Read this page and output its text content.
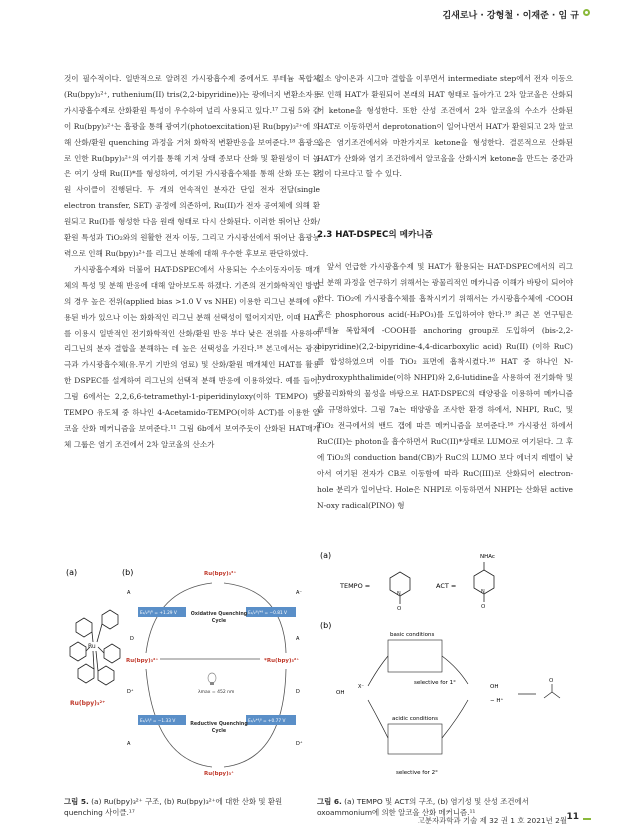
김새로나 · 강형철 · 이재준 · 임 규

것이 필수적이다. 일반적으로 알려진 가시광흡수제 중에서도 루테늄 복합체(Ru(bpy)₃²⁺, ruthenium(II) tris(2,2-bipyridine))는 광에너지 변환소자용 가시광흡수제로 산화환원 특성이 우수하여 널리 사용되고 있다.¹⁷ 그림 5와 같이 Ru(bpy)₃²⁺는 흡광을 통해 광여기(photoexcitation)된 Ru(bpy)₃²⁺에 의해 산화/환원 quenching 과정을 거쳐 화학적 변환반응을 보여준다.¹⁸ 흡광으로 인한 Ru(bpy)₃²⁺의 여기를 통해 기저 상태 종보다 산화 및 환원성이 더 높은 여기 상태 Ru(II)*를 형성하여, 여기된 가시광흡수체를 통해 산화 또는 환원 사이클이 진행된다. 두 개의 연속적인 분자간 단일 전자 전달(single electron transfer, SET) 공정에 의존하여, Ru(II)가 전자 공여체에 의해 환원되고 Ru(I)를 형성한 다음 원래 형태로 다시 산화된다. 이러한 뛰어난 산화/환원 특성과 TiO₂와의 원활한 전자 이동, 그리고 가시광선에서 뛰어난 흡광능력으로 인해 Ru(bpy)₃²⁺를 리그닌 분해에 대해 우수한 후보로 판단하였다.

가시광흡수제와 더불어 HAT-DSPEC에서 사용되는 수소이동자이동 매개체의 특성 및 분해 반응에 대해 알아보도록 하겠다. 기존의 전기화학적인 방법의 경우 높은 전위(applied bias >1.0 V vs NHE) 이용한 리그닌 분해에 이용된 바가 있으나 이는 화화적인 리그닌 분해 선택성이 떨어지지만, 이때 HAT를 이용시 일반적인 전기화학적인 산화/환원 반응 부다 낮은 전위를 사용하여 리그닌의 분자 결합을 분해하는 데 높은 선택성을 가진다.¹⁸ 본고에서는 광전극과 가시광흡수체(유.무기 기반의 염료) 및 산화/환원 매개체인 HAT를 활용한 DSPEC를 설계하여 리그닌의 선택적 분해 반응에 이용하였다. 예를 들어, 그림 6에서는 2,2,6,6-tetramethyl-1-piperidinyloxy(이하 TEMPO) 및 TEMPO 유도체 중 하나인 4-Acetamido-TEMPO(이하 ACT)를 이용한 알코올 산화 메커니즘을 보여준다.¹¹ 그림 6b에서 보여주듯이 산화된 HAT매개체 그룹은 염기 조건에서 2차 알코올의 산소가

질소 양이온과 시그마 결합을 이루면서 intermediate step에서 전자 이동으로 인해 HAT가 환원되어 본래의 HAT 형태로 돌아가고 2차 알코올은 산화되어 ketone을 형성한다. 또한 산성 조건에서 2차 알코올의 수소가 산화된 HAT로 이동하면서 deprotonation이 일어나면서 HAT가 환원되고 2차 알코올은 염기조건에서와 마찬가지로 ketone을 형성한다. 결론적으로 산화된 HAT가 산화와 염기 조건하에서 알코올을 산화시켜 ketone을 만드는 중간과정이 다르다고 할 수 있다.

2.3 HAT-DSPEC의 메카니즘

앞서 언급한 가시광흡수제 및 HAT가 활용되는 HAT-DSPEC에서의 리그닌 분해 과정을 연구하기 위해서는 광물리적인 메카니즘 이해가 바탕이 되어야 한다. TiO₂에 가시광흡수체를 흡착시키기 위해서는 가시광흡수체에 -COOH 혹은 phosphorous acid(-H₃PO₃)를 도입하여야 한다.¹⁹ 최근 본 연구팀은 루테늄 복합체에 -COOH를 anchoring group로 도입하여 (bis-2,2-bipyridine)(2,2-bipyridine-4,4-dicarboxylic acid) Ru(II) (이하 RuC)를 합성하였으며 이를 TiO₂ 표면에 흡착시켰다.¹⁶ HAT 중 하나인 N-hydroxyphthalimide(이하 NHPI)와 2,6-lutidine을 사용하여 전기화학 및 광물리화학의 물성을 바탕으로 HAT-DSPEC의 태양광을 이용하여 메카니즘을 규명하였다. 그림 7a는 태양광을 조사한 환경 하에서, NHPI, RuC, 및 TiO₂ 전극에서의 밴드 갭에 따른 메커니즘을 보여준다.¹⁶ 가시광선 하에서 RuC(II)는 photon을 흡수하면서 RuC(II)*상태로 LUMO로 여기된다. 그 후에 TiO₂의 conduction band(CB)가 RuC의 LUMO 보다 에너지 레벨이 낮아서 여기된 전자가 CB로 이동함에 따라 RuC(III)로 산화되어 electron-hole 분리가 일어난다. Hole은 NHPI로 이동하면서 NHPI는 산화된 active N-oxy radical(PINO) 형

(a)	(b)
Ru
Ru(bpy)₃²⁺
Ru(bpy)₃³⁺
Ru(bpy)₃²⁺	*Ru(bpy)₃²⁺
Ru(bpy)₃⁺
E₁/₂ᴵᴵᴵ/ᴵᴵ = +1.29 V	E₁/₂ᴵᴵᴵ/*ᴵᴵ = −0.81 V
E₁/₂ᴵᴵ/ᴵ = −1.33 V	E₁/₂*ᴵᴵ/ᴵ = +0.77 V
Oxidative Quenching Cycle
Reductive Quenching Cycle
λmax = 452 nm
A
D
A⁻
A
D⁺
A
D
D⁺
(a)
TEMPO =
O
N
ACT =
NHAc
O
N
(b)
basic conditions
selective for 1°
acidic conditions
selective for 2°
OH
X⁻	OH
− H⁺
O
그림 5. (a) Ru(bpy)₃²⁺ 구조, (b) Ru(bpy)₃²⁺에 대한 산화 및 환원 quenching 사이클.¹⁷
그림 6. (a) TEMPO 및 ACT의 구조, (b) 염기성 및 산성 조건에서 oxoammonium에 의한 알코올 산화 메커니즘.¹¹
고분자과학과 기술 제 32 권 1 호 2021년 2월 11
